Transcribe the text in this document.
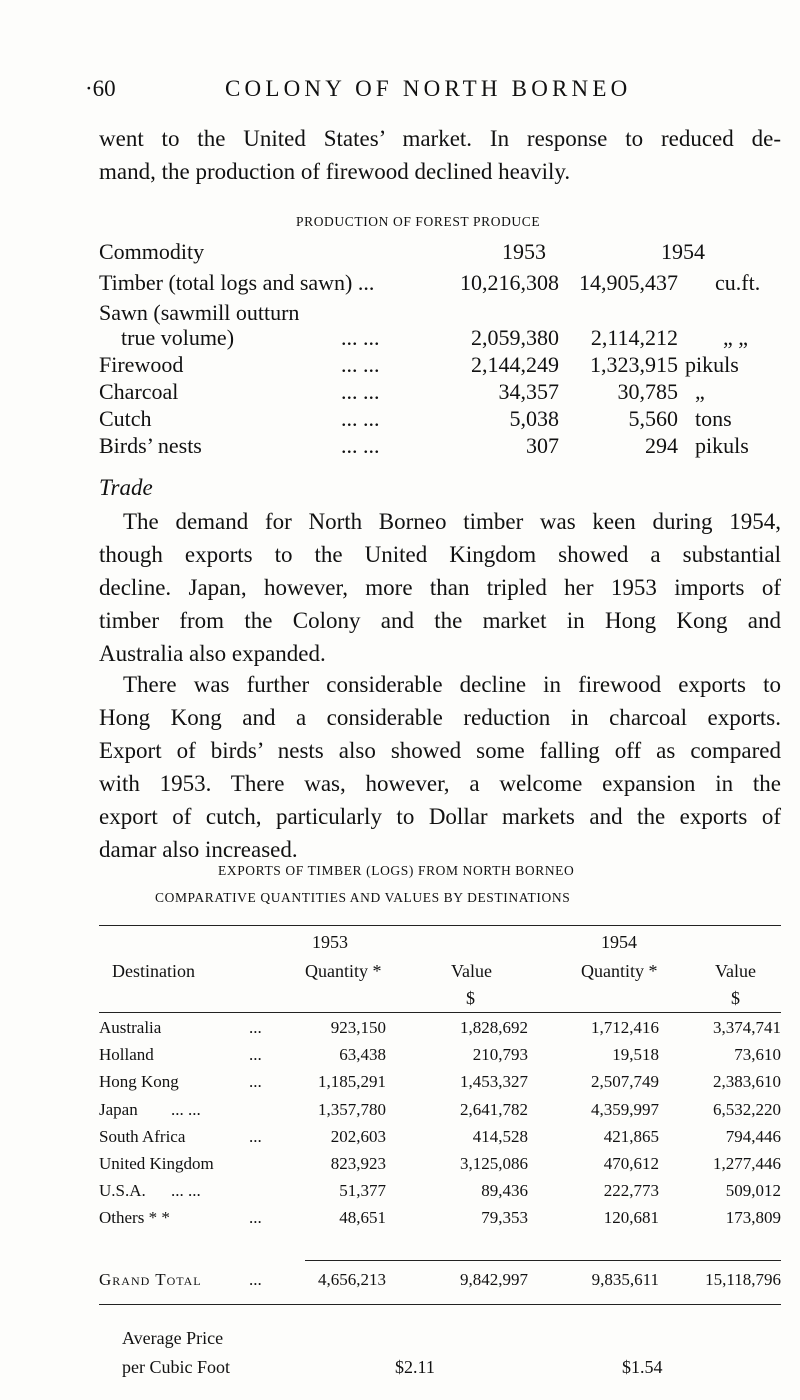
· 60	COLONY OF NORTH BORNEO
went to the United States’ market. In response to reduced de-
mand, the production of firewood declined heavily.
PRODUCTION OF FOREST PRODUCE
Commodity	1953	1954
Timber (total logs and sawn) ...	10,216,308 14,905,437 cu.ft.
Sawn (sawmill outturn
true volume)	... ...	2,059,380 2,114,212 „ „
Firewood	... ...	2,144,249 1,323,915 pikuls
Charcoal	... ...	34,357	30,785 „
Cutch	... ...	5,038	5,560 tons
Birds’ nests	... ...	307	294 pikuls
Trade
The demand for North Borneo timber was keen during 1954,
though exports to the United Kingdom showed a substantial
decline. Japan, however, more than tripled her 1953 imports of
timber from the Colony and the market in Hong Kong and
Australia also expanded.
There was further considerable decline in firewood exports to
Hong Kong and a considerable reduction in charcoal exports.
Export of birds’ nests also showed some falling off as compared
with 1953. There was, however, a welcome expansion in the
export of cutch, particularly to Dollar markets and the exports of
damar also increased.
EXPORTS OF TIMBER (LOGS) FROM NORTH BORNEO
COMPARATIVE QUANTITIES AND VALUES BY DESTINATIONS
1953	1954
Destination	Quantity *	Value	Quantity *	Value
$	$
Australia	...	923,150	1,828,692	1,712,416	3,374,741
Holland	...	63,438	210,793	19,518	73,610
Hong Kong	...	1,185,291	1,453,327	2,507,749	2,383,610
Japan ... ...	1,357,780	2,641,782	4,359,997	6,532,220
South Africa	...	202,603	414,528	421,865	794,446
United Kingdom	823,923	3,125,086	470,612	1,277,446
U.S.A. ... ...	51,377	89,436	222,773	509,012
Others * *	...	48,651	79,353	120,681	173,809
Grand Total	...	4,656,213	9,842,997	9,835,611	15,118,796
Average Price
per Cubic Foot	$2.11	$1.54
